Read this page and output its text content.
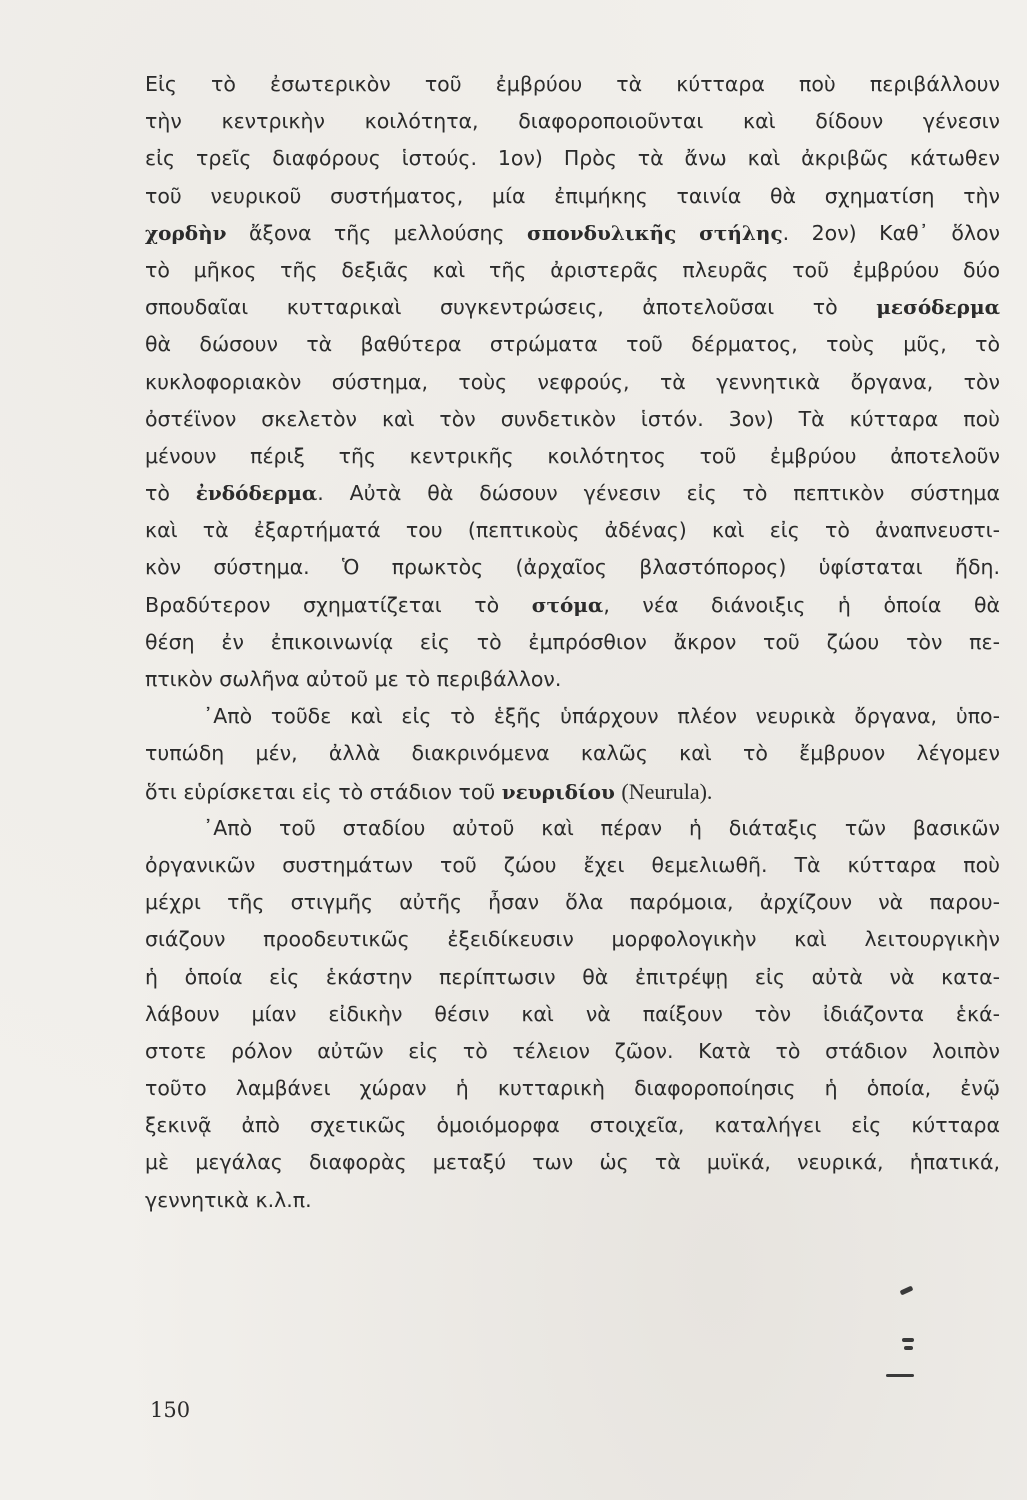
Εἰς τὸ ἐσωτερικὸν τοῦ ἐμβρύου τὰ κύτταρα ποὺ περιβάλλουν
τὴν κεντρικὴν κοιλότητα, διαφοροποιοῦνται καὶ δίδουν γένεσιν
εἰς τρεῖς διαφόρους ἱστούς. 1ον) Πρὸς τὰ ἄνω καὶ ἀκριβῶς κάτωθεν
τοῦ νευρικοῦ συστήματος, μία ἐπιμήκης ταινία θὰ σχηματίση τὴν
χορδὴν ἄξονα τῆς μελλούσης σπονδυλικῆς στήλης. 2ον) Καθ᾿ ὅλον
τὸ μῆκος τῆς δεξιᾶς καὶ τῆς ἀριστερᾶς πλευρᾶς τοῦ ἐμβρύου δύο
σπουδαῖαι κυτταρικαὶ συγκεντρώσεις, ἀποτελοῦσαι τὸ μεσόδερμα
θὰ δώσουν τὰ βαθύτερα στρώματα τοῦ δέρματος, τοὺς μῦς, τὸ
κυκλοφοριακὸν σύστημα, τοὺς νεφρούς, τὰ γεννητικὰ ὄργανα, τὸν
ὀστέϊνον σκελετὸν καὶ τὸν συνδετικὸν ἱστόν. 3ον) Τὰ κύτταρα ποὺ
μένουν πέριξ τῆς κεντρικῆς κοιλότητος τοῦ ἐμβρύου ἀποτελοῦν
τὸ ἐνδόδερμα. Αὐτὰ θὰ δώσουν γένεσιν εἰς τὸ πεπτικὸν σύστημα
καὶ τὰ ἐξαρτήματά του (πεπτικοὺς ἀδένας) καὶ εἰς τὸ ἀναπνευστι-
κὸν σύστημα. Ὁ πρωκτὸς (ἀρχαῖος βλαστόπορος) ὑφίσταται ἤδη.
Βραδύτερον σχηματίζεται τὸ στόμα, νέα διάνοιξις ἡ ὁποία θὰ
θέση ἐν ἐπικοινωνίᾳ εἰς τὸ ἐμπρόσθιον ἄκρον τοῦ ζώου τὸν πε-
πτικὸν σωλῆνα αὐτοῦ με τὸ περιβάλλον.
᾿Απὸ τοῦδε καὶ εἰς τὸ ἑξῆς ὑπάρχουν πλέον νευρικὰ ὄργανα, ὑπο-
τυπώδη μέν, ἀλλὰ διακρινόμενα καλῶς καὶ τὸ ἔμβρυον λέγομεν
ὅτι εὑρίσκεται εἰς τὸ στάδιον τοῦ νευριδίου (Neurula).
᾿Απὸ τοῦ σταδίου αὐτοῦ καὶ πέραν ἡ διάταξις τῶν βασικῶν
ὀργανικῶν συστημάτων τοῦ ζώου ἔχει θεμελιωθῆ. Τὰ κύτταρα ποὺ
μέχρι τῆς στιγμῆς αὐτῆς ἦσαν ὅλα παρόμοια, ἀρχίζουν νὰ παρου-
σιάζουν προοδευτικῶς ἐξειδίκευσιν μορφολογικὴν καὶ λειτουργικὴν
ἡ ὁποία εἰς ἑκάστην περίπτωσιν θὰ ἐπιτρέψῃ εἰς αὐτὰ νὰ κατα-
λάβουν μίαν εἰδικὴν θέσιν καὶ νὰ παίξουν τὸν ἰδιάζοντα ἑκά-
στοτε ρόλον αὐτῶν εἰς τὸ τέλειον ζῶον. Κατὰ τὸ στάδιον λοιπὸν
τοῦτο λαμβάνει χώραν ἡ κυτταρικὴ διαφοροποίησις ἡ ὁποία, ἐνῷ
ξεκινᾷ ἀπὸ σχετικῶς ὁμοιόμορφα στοιχεῖα, καταλήγει εἰς κύτταρα
μὲ μεγάλας διαφορὰς μεταξύ των ὡς τὰ μυϊκά, νευρικά, ἡπατικά,
γεννητικὰ κ.λ.π.
150
